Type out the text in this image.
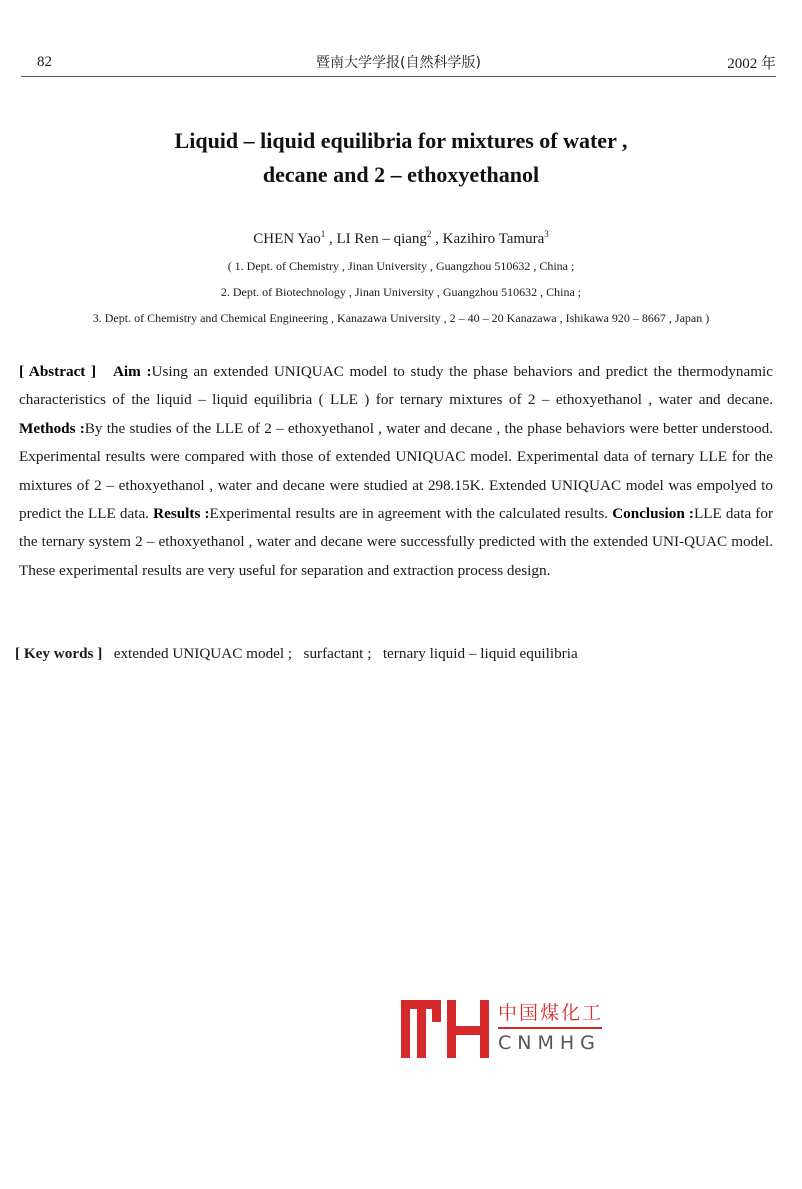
82	暨南大学学报(自然科学版)	2002 年
Liquid – liquid equilibria for mixtures of water ,
decane and 2 – ethoxyethanol
CHEN Yao$^1$ , LI Ren – qiang$^2$ , Kazihiro Tamura$^3$
( 1. Dept. of Chemistry , Jinan University , Guangzhou 510632 , China ;
2. Dept. of Biotechnology , Jinan University , Guangzhou 510632 , China ;
3. Dept. of Chemistry and Chemical Engineering , Kanazawa University , 2 – 40 – 20 Kanazawa , Ishikawa 920 – 8667 , Japan )
[ Abstract ] Aim :Using an extended UNIQUAC model to study the phase behaviors and predict the thermodynamic characteristics of the liquid – liquid equilibria ( LLE ) for ternary mixtures of 2 – ethoxyethanol , water and decane. Methods :By the studies of the LLE of 2 – ethoxyethanol , water and decane , the phase behaviors were better understood. Experimental results were compared with those of extended UNIQUAC model. Experimental data of ternary LLE for the mixtures of 2 – ethoxyethanol , water and decane were studied at 298.15K. Extended UNIQUAC model was empolyed to predict the LLE data. Results :Experimental results are in agreement with the calculated results. Conclusion :LLE data for the ternary system 2 – ethoxyethanol , water and decane were successfully predicted with the extended UNI-QUAC model. These experimental results are very useful for separation and extraction process design.
[ Key words ] extended UNIQUAC model ; surfactant ; ternary liquid – liquid equilibria
中国煤化工
CNMHG
